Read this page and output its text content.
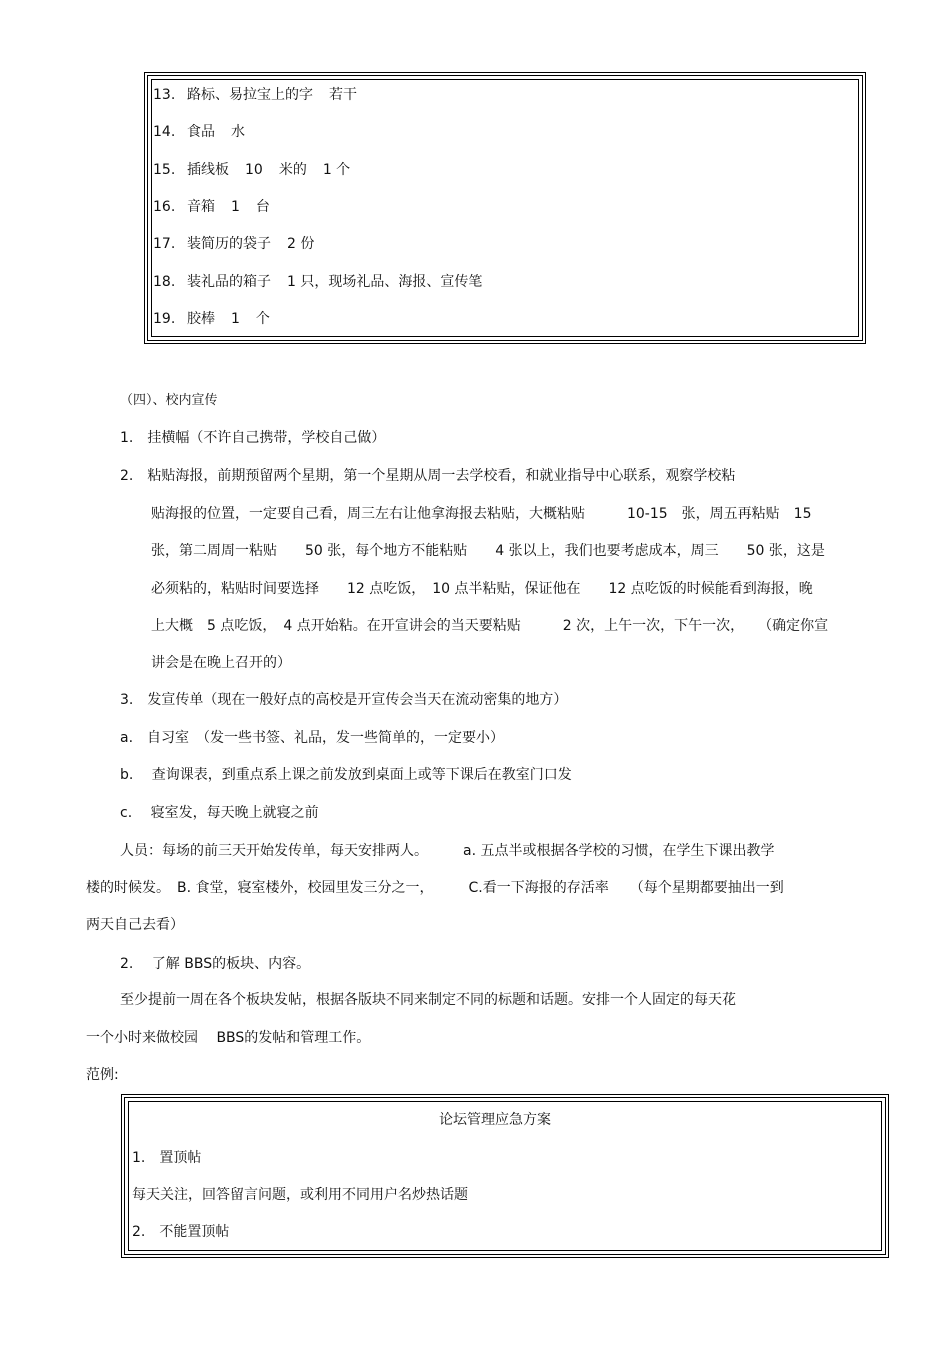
13. 路标、易拉宝上的字 若干
14. 食品 水
15. 插线板 10 米的 1 个
16. 音箱 1 台
17. 装简历的袋子 2 份
18. 装礼品的箱子 1 只，现场礼品、海报、宣传笔
19. 胶棒 1 个
（四）、校内宣传
1.　挂横幅（不许自己携带，学校自己做）
2.　粘贴海报，前期预留两个星期，第一个星期从周一去学校看，和就业指导中心联系，观察学校粘
贴海报的位置，一定要自己看，周三左右让他拿海报去粘贴，大概粘贴　　　10-15　张，周五再粘贴　15
张，第二周周一粘贴　　50 张，每个地方不能粘贴　　4 张以上，我们也要考虑成本，周三　　50 张，这是
必须粘的，粘贴时间要选择　　12 点吃饭，　10 点半粘贴，保证他在　　12 点吃饭的时候能看到海报，晚
上大概　5 点吃饭，　4 点开始粘。在开宣讲会的当天要粘贴　　　2 次，上午一次，下午一次，　　（确定你宣
讲会是在晚上召开的）
3.　发宣传单（现在一般好点的高校是开宣传会当天在流动密集的地方）
a.　自习室　（发一些书签、礼品，发一些简单的，一定要小）
b.　 查询课表，到重点系上课之前发放到桌面上或等下课后在教室门口发
c.　 寝室发，每天晚上就寝之前
人员：每场的前三天开始发传单，每天安排两人。　　　a. 五点半或根据各学校的习惯，在学生下课出教学
楼的时候发。　B. 食堂，寝室楼外，校园里发三分之一，　　　C.看一下海报的存活率　　（每个星期都要抽出一到
两天自己去看）
2.　 了解 BBS的板块、内容。
至少提前一周在各个板块发帖，根据各版块不同来制定不同的标题和话题。安排一个人固定的每天花
一个小时来做校园　 BBS的发帖和管理工作。
范例:
论坛管理应急方案
1.　置顶帖
每天关注，回答留言问题，或利用不同用户名炒热话题
2.　不能置顶帖
